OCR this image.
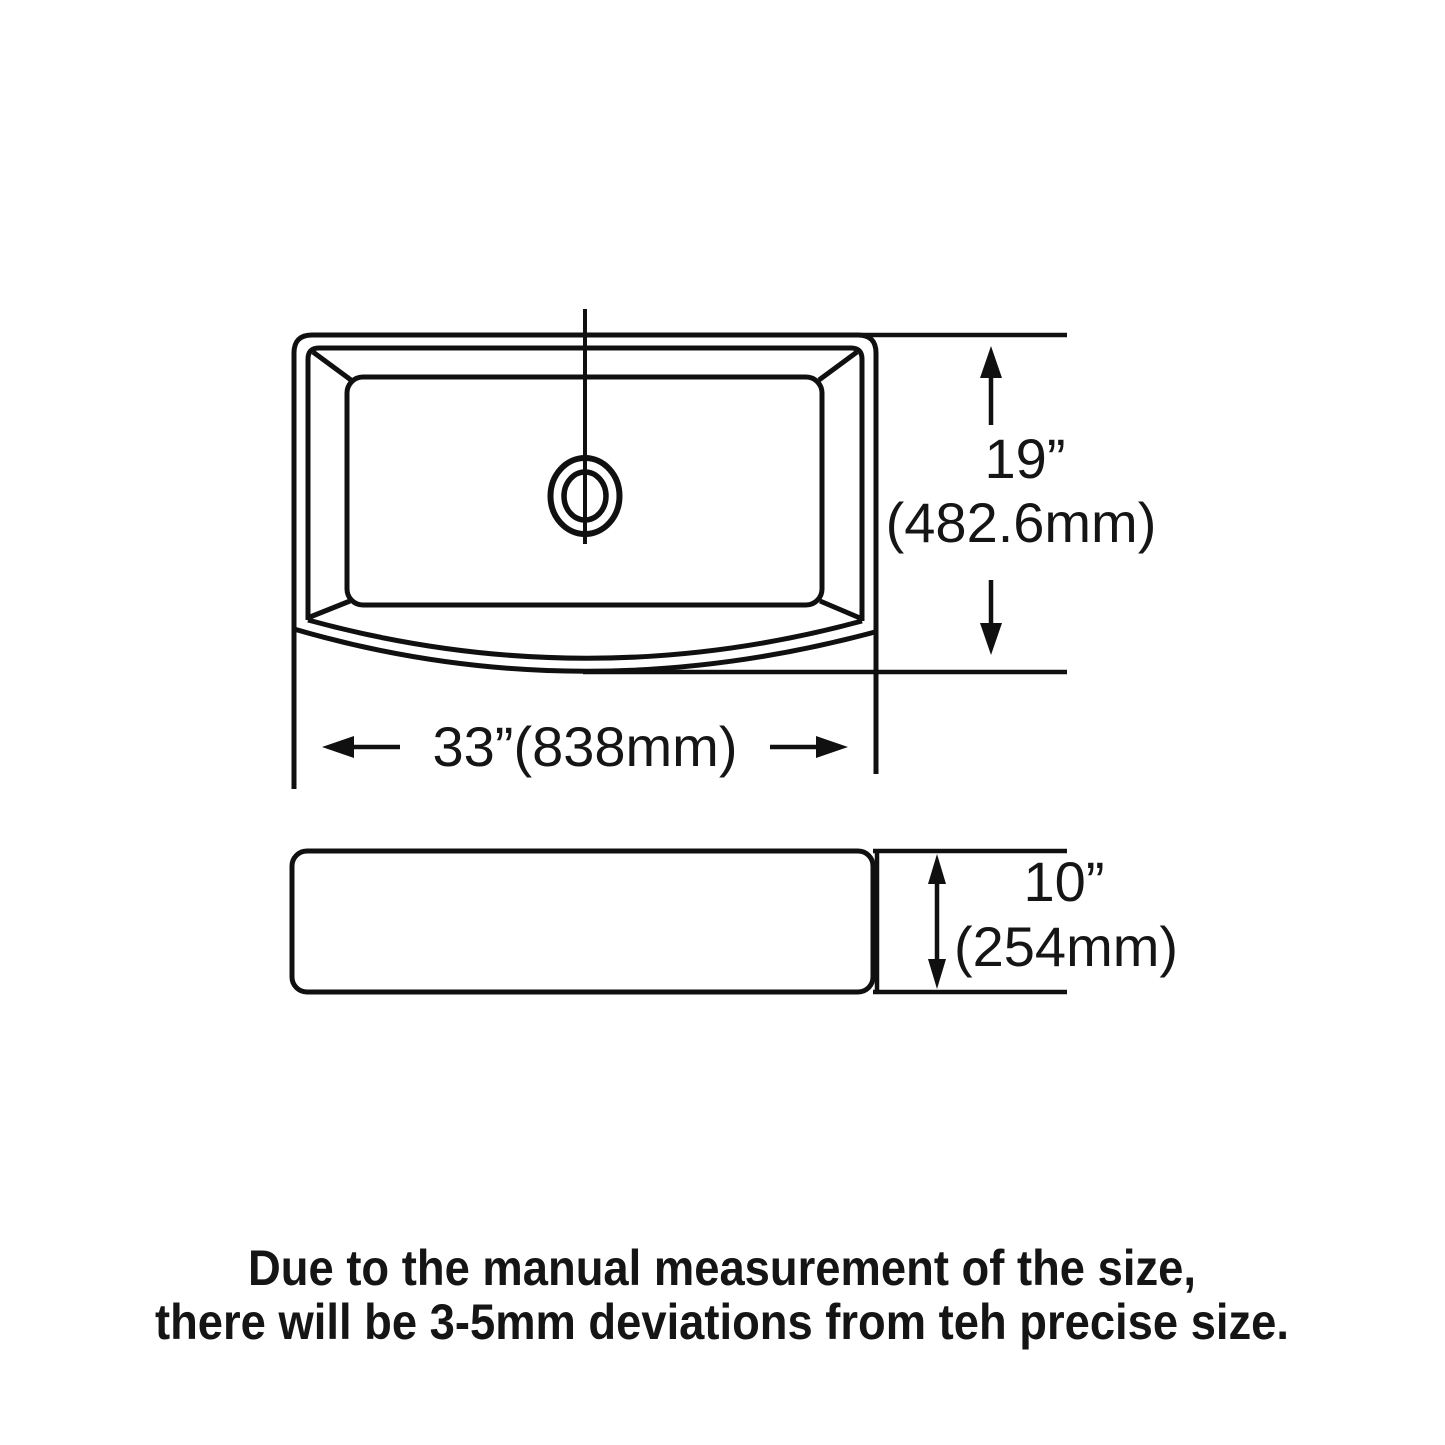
19”
(482.6mm)
33”(838mm)
10”
(254mm)
Due to the manual measurement of the size,
there will be 3-5mm deviations from teh precise size.
